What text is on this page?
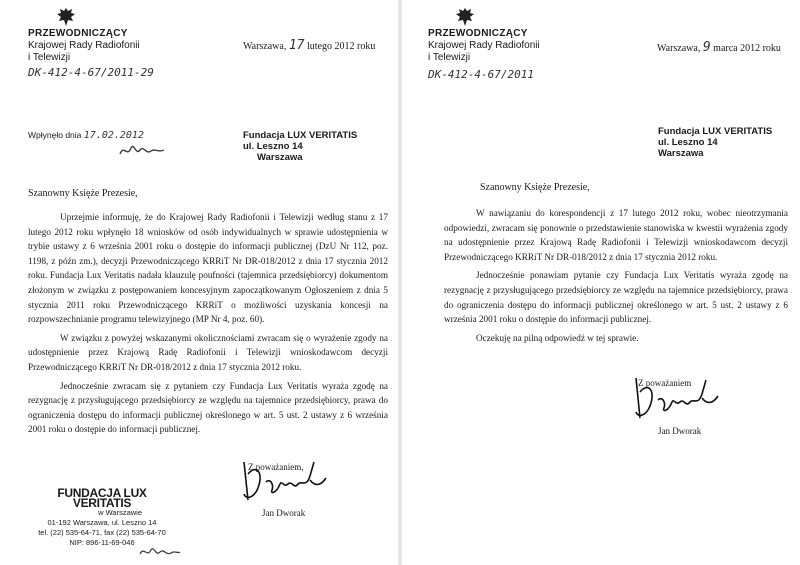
PRZEWODNICZĄCY
Krajowej Rady Radiofonii
i Telewizji
Warszawa, 17 lutego 2012 roku
DK-412-4-67/2011-29
Wpłynęło dnia 17.02.2012	Fundacja LUX VERITATIS
ul. Leszno 14
Warszawa
Szanowny Księże Prezesie,

Uprzejmie informuję, że do Krajowej Rady Radiofonii i Telewizji według stanu z 17 lutego 2012 roku wpłynęło 18 wniosków od osób indywidualnych w sprawie udostępnienia w trybie ustawy z 6 września 2001 roku o dostępie do informacji publicznej (DzU Nr 112, poz. 1198, z późn zm.), decyzji Przewodniczącego KRRiT Nr DR-018/2012 z dnia 17 stycznia 2012 roku. Fundacja Lux Veritatis nadała klauzulę poufności (tajemnica przedsiębiorcy) dokumentom złożonym w związku z postępowaniem koncesyjnym zapoczątkowanym Ogłoszeniem z dnia 5 stycznia 2011 roku Przewodniczącego KRRiT o możliwości uzyskania koncesji na rozpowszechnianie programu telewizyjnego (MP Nr 4, poz. 60).

W związku z powyżej wskazanymi okolicznościami zwracam się o wyrażenie zgody na udostępnienie przez Krajową Radę Radiofonii i Telewizji wnioskodawcom decyzji Przewodniczącego KRRiT Nr DR-018/2012 z dnia 17 stycznia 2012 roku.

Jednocześnie zwracam się z pytaniem czy Fundacja Lux Veritatis wyraża zgodę na rezygnację z przysługującego przedsiębiorcy ze względu na tajemnice przedsiębiorcy, prawa do ograniczenia dostępu do informacji publicznej określonego w art. 5 ust. 2 ustawy z 6 września 2001 roku o dostępie do informacji publicznej.

Z poważaniem,
Jan Dworak
FUNDACJA LUX VERITATIS
w Warszawie
01-192 Warszawa, ul. Leszno 14
tel. (22) 535-64-71, fax (22) 535-64-70
NIP: 896-11-69-046
PRZEWODNICZĄCY
Krajowej Rady Radiofonii
i Telewizji
Warszawa, 9 marca 2012 roku
DK-412-4-67/2011
Fundacja LUX VERITATIS
ul. Leszno 14
Warszawa
Szanowny Księże Prezesie,

W nawiązaniu do korespondencji z 17 lutego 2012 roku, wobec nieotrzymania odpowiedzi, zwracam się ponownie o przedstawienie stanowiska w kwestii wyrażenia zgody na udostępnienie przez Krajową Radę Radiofonii i Telewizji wnioskodawcom decyzji Przewodniczącego KRRiT Nr DR-018/2012 z dnia 17 stycznia 2012 roku.

Jednocześnie ponawiam pytanie czy Fundacja Lux Veritatis wyraża zgodę na rezygnację z przysługującego przedsiębiorcy ze względu na tajemnice przedsiębiorcy, prawa do ograniczenia dostępu do informacji publicznej określonego w art. 5 ust. 2 ustawy z 6 września 2001 roku o dostępie do informacji publicznej.

Oczekuję na pilną odpowiedź w tej sprawie.

Z poważaniem
Jan Dworak
